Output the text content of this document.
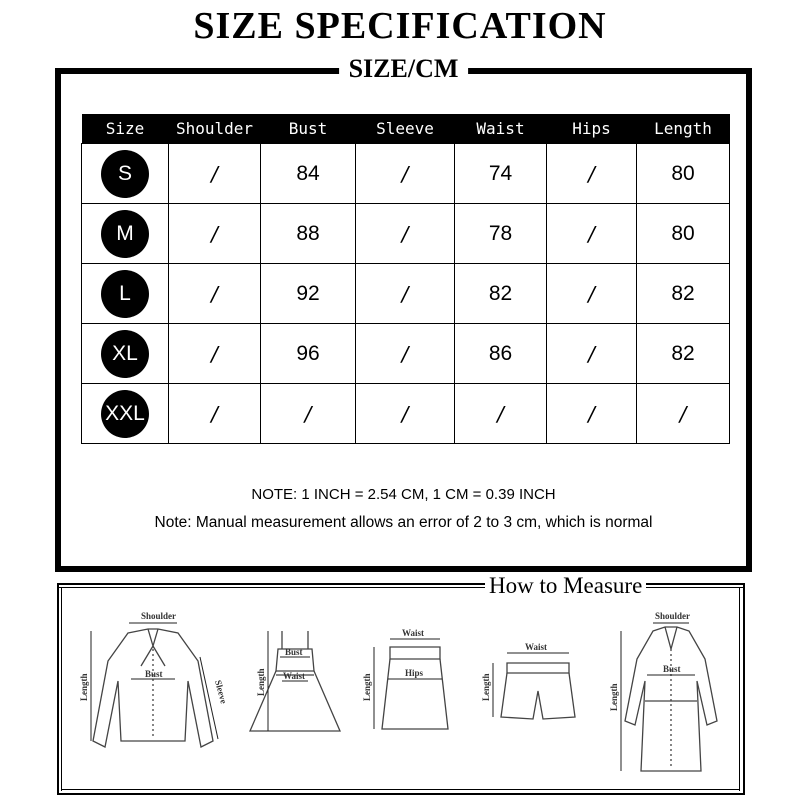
SIZE SPECIFICATION
SIZE/CM
Size	Shoulder	Bust	Sleeve	Waist	Hips	Length
S	/	84	/	74	/	80
M	/	88	/	78	/	80
L	/	92	/	82	/	82
XL	/	96	/	86	/	82
XXL	/	/	/	/	/	/
NOTE: 1 INCH = 2.54 CM, 1 CM = 0.39 INCH
Note: Manual measurement allows an error of 2 to 3 cm, which is normal
How to Measure
Shoulder
Bust
Length	Sleeve
Bust
Waist
Length
Waist
Hips
Length
Waist
Length
Shoulder
Bust
Length
